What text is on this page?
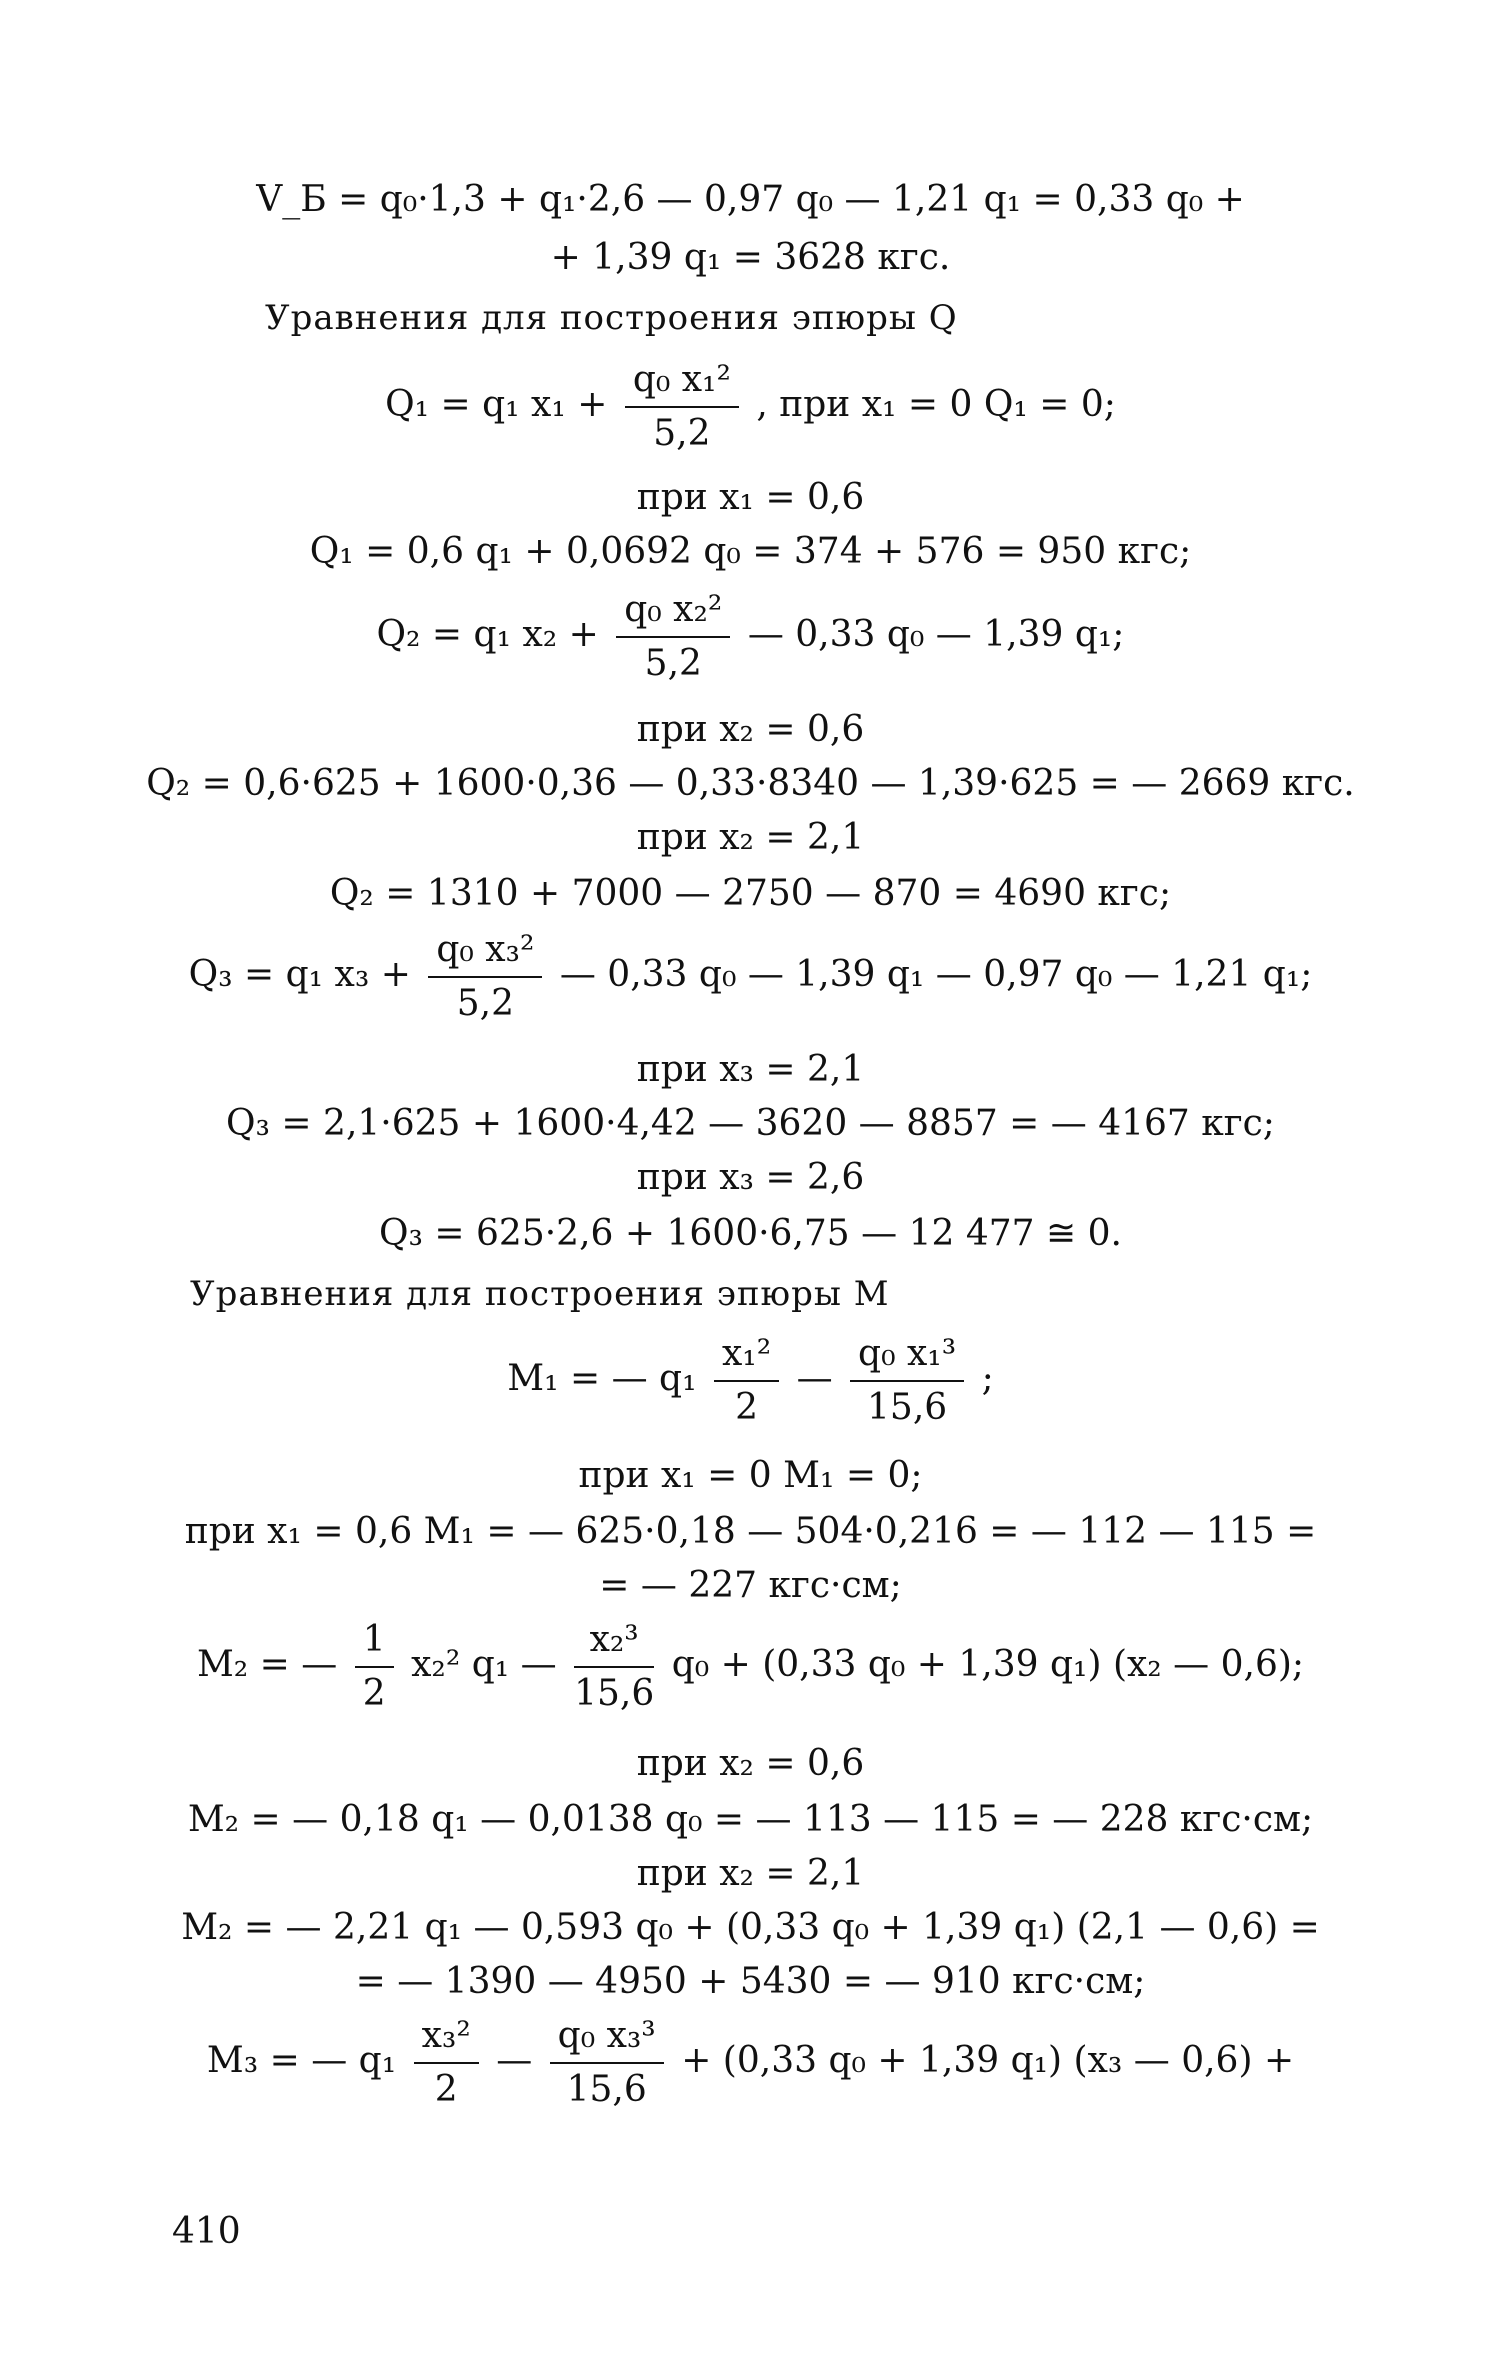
V_Б = q₀·1,3 + q₁·2,6 — 0,97 q₀ — 1,21 q₁ = 0,33 q₀ +
+ 1,39 q₁ = 3628 кгс.
Уравнения для построения эпюры Q
Q₁ = q₁ $x_1 + \frac{\text{q₀ x₁²}}{5,2}$ , при x₁ = 0 Q₁ = 0;
при x₁ = 0,6
Q₁ = 0,6 q₁ + 0,0692 q₀ = 374 + 576 = 950 кгс;
Q₂ = q₁ $x_2 + \frac{\text{q₀ x₂²}}{5,2}$ — 0,33 q₀ — 1,39 q₁;
при x₂ = 0,6
Q₂ = 0,6·625 + 1600·0,36 — 0,33·8340 — 1,39·625 = — 2669 кгс.
при x₂ = 2,1
Q₂ = 1310 + 7000 — 2750 — 870 = 4690 кгс;
Q₃ = q₁ $x_3 + \frac{\text{q₀ x₃²}}{5,2}$ — 0,33 q₀ — 1,39 q₁ — 0,97 q₀ — 1,21 q₁;
при x₃ = 2,1
Q₃ = 2,1·625 + 1600·4,42 — 3620 — 8857 = — 4167 кгс;
при x₃ = 2,6
Q₃ = 625·2,6 + 1600·6,75 — 12 477 ≅ 0.
Уравнения для построения эпюры M
M₁ = — $q_1 \frac{\text{x₁²}}{2}$ — $\frac{\text{q₀ x₁³}}{15,6}$ ;
при x₁ = 0 M₁ = 0;
при x₁ = 0,6 M₁ = — 625·0,18 — 504·0,216 = — 112 — 115 =
= — 227 кгс·см;
M₂ = — $\frac{1}{2} x_2^2$ q₁ — $\frac{\text{x₂³}}{15,6} q_0 + (0,33$ q₀ + 1,39 q₁) (x₂ — 0,6);
при x₂ = 0,6
M₂ = — 0,18 q₁ — 0,0138 q₀ = — 113 — 115 = — 228 кгс·см;
при x₂ = 2,1
M₂ = — 2,21 q₁ — 0,593 q₀ + (0,33 q₀ + 1,39 q₁) (2,1 — 0,6) =
= — 1390 — 4950 + 5430 = — 910 кгс·см;
M₃ = — $q_1 \frac{\text{x₃²}}{2}$ — $\frac{\text{q₀ x₃³}}{15,6} + (0,33$ q₀ + 1,39 q₁) (x₃ — 0,6) +
410
